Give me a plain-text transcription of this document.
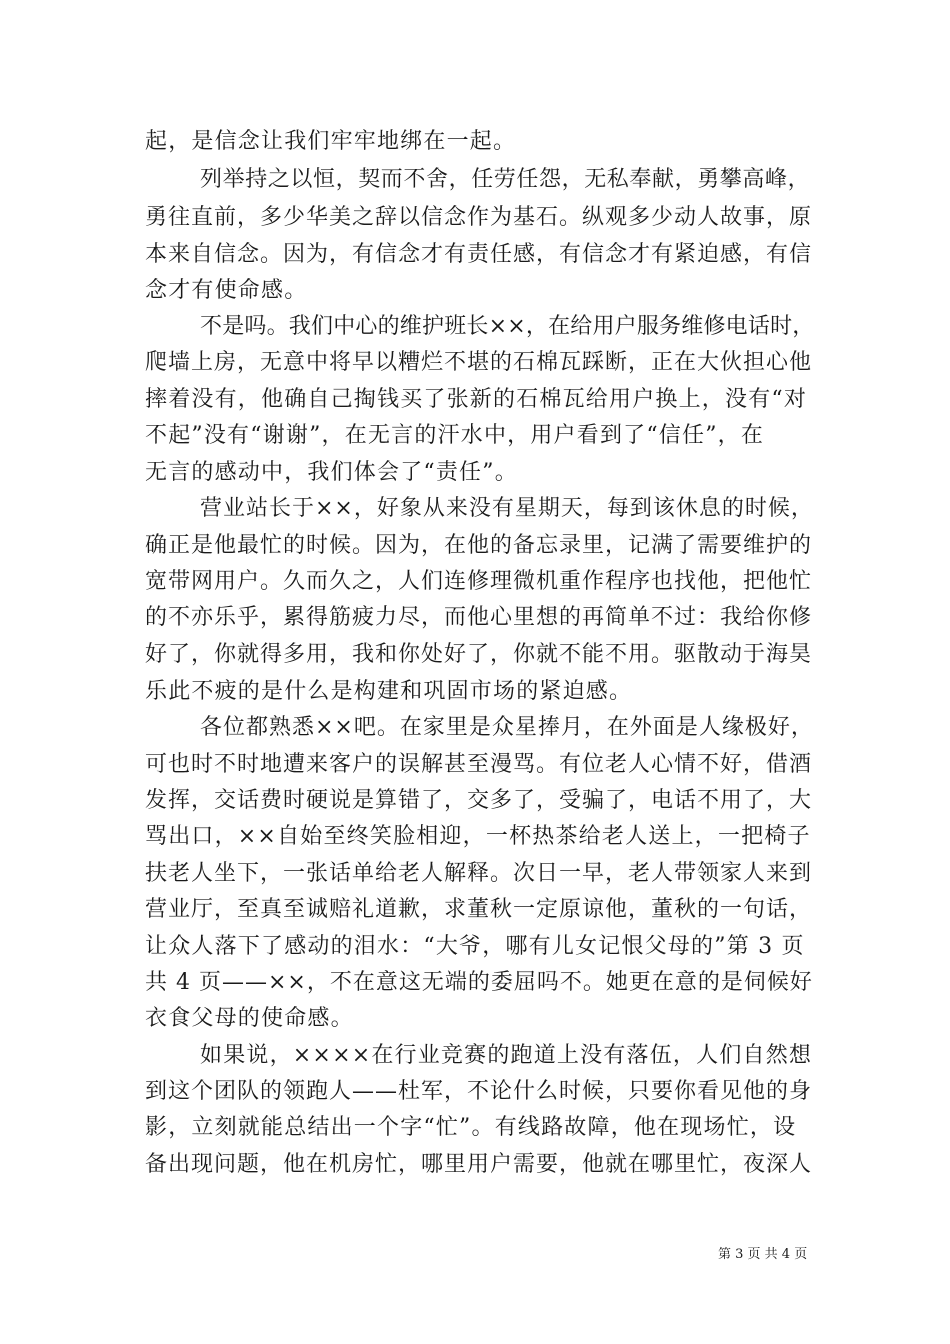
起，是信念让我们牢牢地绑在一起。
列举持之以恒，契而不舍，任劳任怨，无私奉献，勇攀高峰，
勇往直前，多少华美之辞以信念作为基石。纵观多少动人故事，原
本来自信念。因为，有信念才有责任感，有信念才有紧迫感，有信
念才有使命感。
不是吗。我们中心的维护班长××，在给用户服务维修电话时，
爬墙上房，无意中将早以糟烂不堪的石棉瓦踩断，正在大伙担心他
摔着没有，他确自己掏钱买了张新的石棉瓦给用户换上，没有“对
不起”没有“谢谢”，在无言的汗水中，用户看到了“信任”，在
无言的感动中，我们体会了“责任”。
营业站长于××，好象从来没有星期天，每到该休息的时候，
确正是他最忙的时候。因为，在他的备忘录里，记满了需要维护的
宽带网用户。久而久之，人们连修理微机重作程序也找他，把他忙
的不亦乐乎，累得筋疲力尽，而他心里想的再简单不过：我给你修
好了，你就得多用，我和你处好了，你就不能不用。驱散动于海昊
乐此不疲的是什么是构建和巩固市场的紧迫感。
各位都熟悉××吧。在家里是众星捧月，在外面是人缘极好，
可也时不时地遭来客户的误解甚至漫骂。有位老人心情不好，借酒
发挥，交话费时硬说是算错了，交多了，受骗了，电话不用了，大
骂出口，××自始至终笑脸相迎，一杯热茶给老人送上，一把椅子
扶老人坐下，一张话单给老人解释。次日一早，老人带领家人来到
营业厅，至真至诚赔礼道歉，求董秋一定原谅他，董秋的一句话，
让众人落下了感动的泪水：“大爷，哪有儿女记恨父母的”第 3 页
共 4 页——××，不在意这无端的委屈吗不。她更在意的是伺候好
衣食父母的使命感。
如果说，××××在行业竞赛的跑道上没有落伍，人们自然想
到这个团队的领跑人——杜军，不论什么时候，只要你看见他的身
影，立刻就能总结出一个字“忙”。有线路故障，他在现场忙，设
备出现问题，他在机房忙，哪里用户需要，他就在哪里忙，夜深人
第 3 页 共 4 页
